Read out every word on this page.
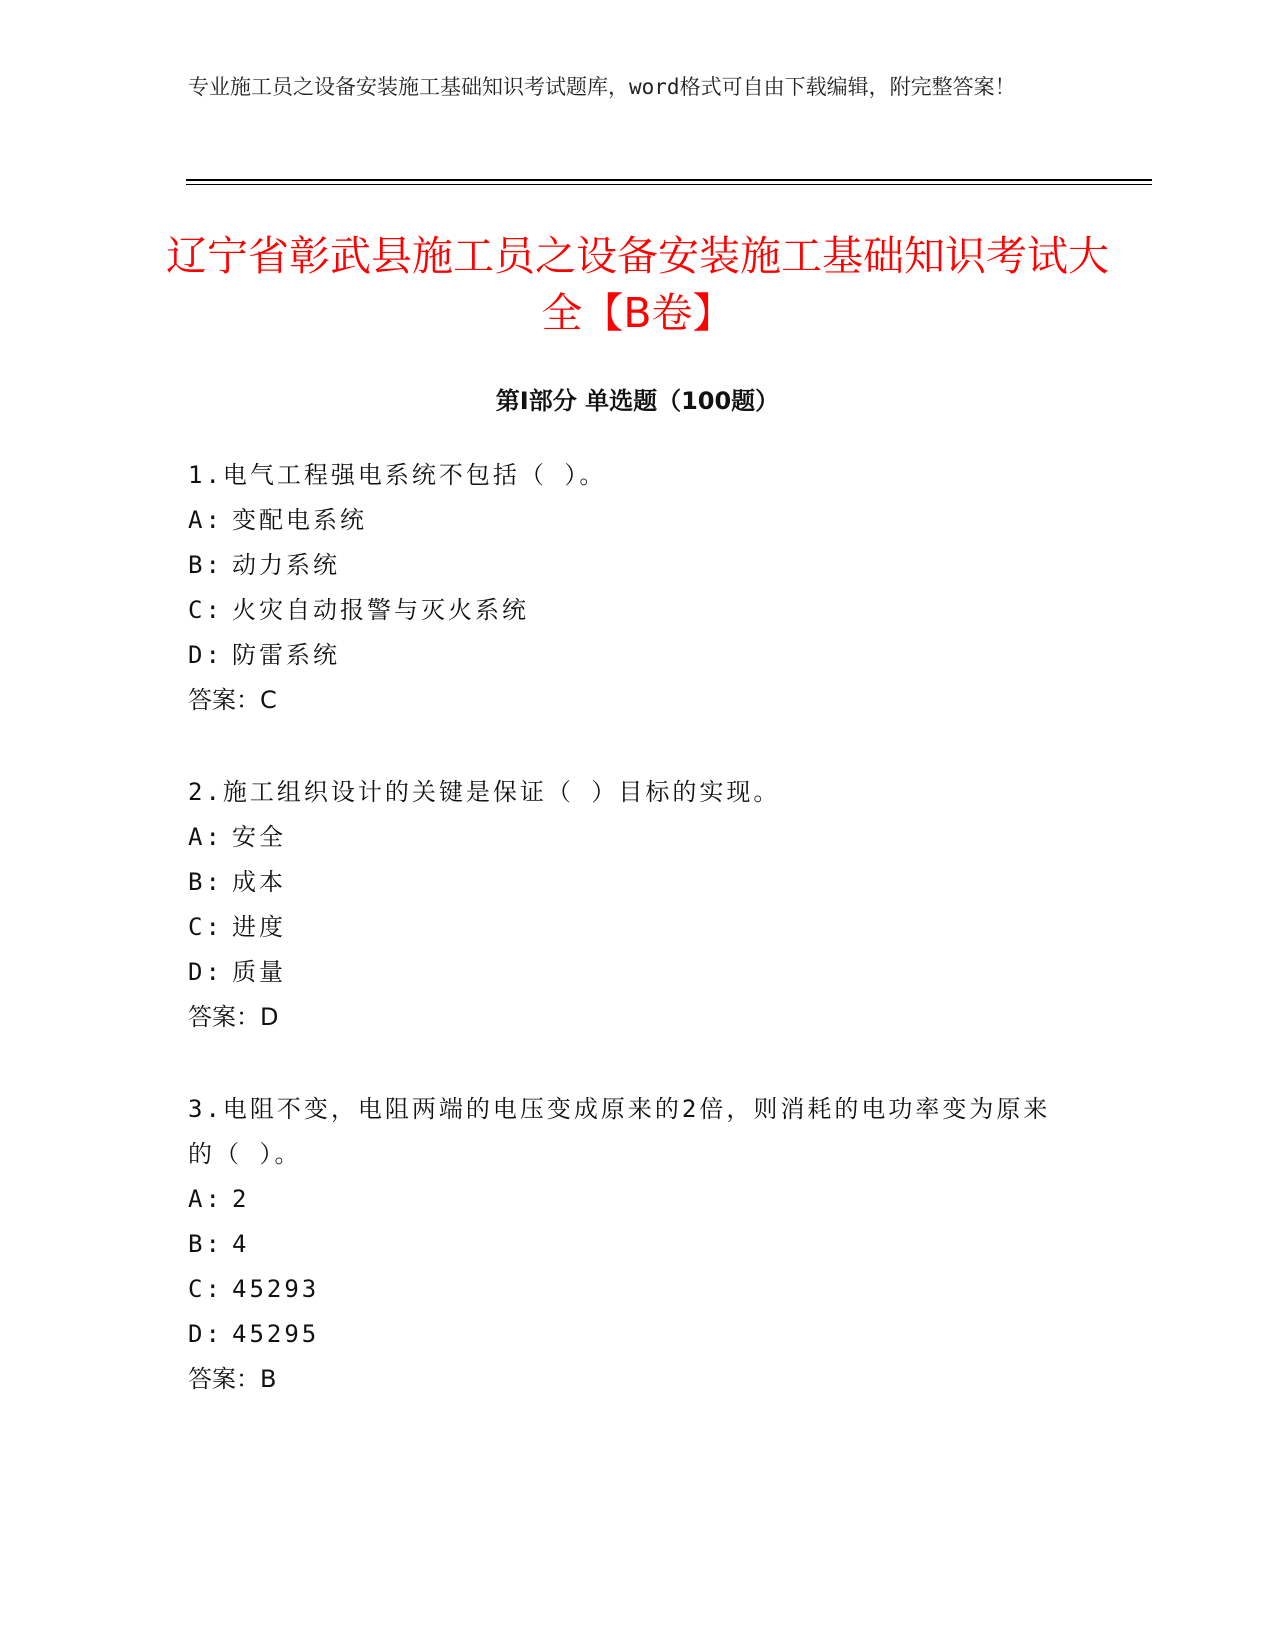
专业施工员之设备安装施工基础知识考试题库，word格式可自由下载编辑，附完整答案！
辽宁省彰武县施工员之设备安装施工基础知识考试大全【B卷】
第Ⅰ部分 单选题（100题）
1.电气工程强电系统不包括（ ）。
A: 变配电系统
B: 动力系统
C: 火灾自动报警与灭火系统
D: 防雷系统
答案：C
2.施工组织设计的关键是保证（ ）目标的实现。
A: 安全
B: 成本
C: 进度
D: 质量
答案：D
3.电阻不变，电阻两端的电压变成原来的2倍，则消耗的电功率变为原来的（ ）。
A: 2
B: 4
C: 45293
D: 45295
答案：B
